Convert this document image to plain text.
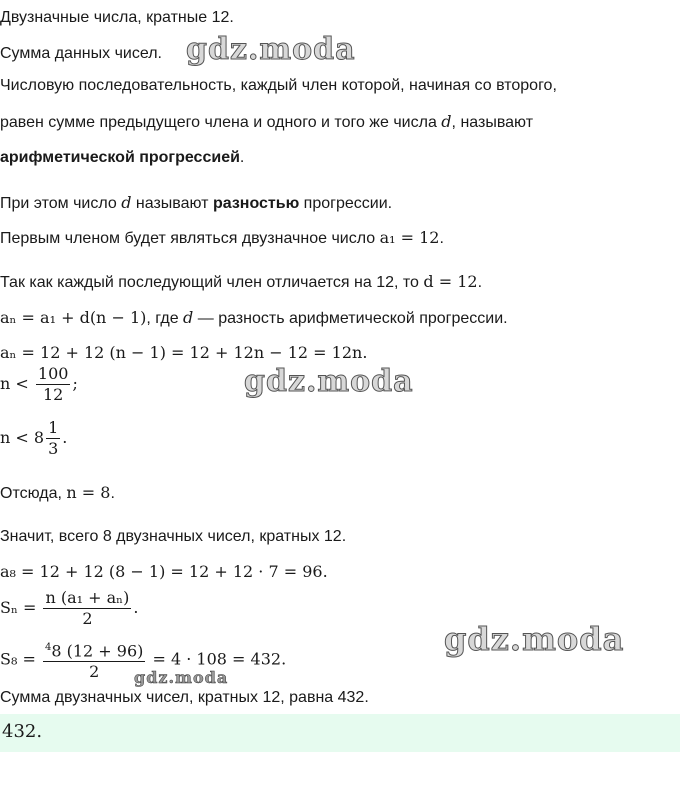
Двузначные числа, кратные 12.
Сумма данных чисел.
Числовую последовательность, каждый член которой, начиная со второго,
равен сумме предыдущего члена и одного и того же числа d, называют
арифметической прогрессией.
При этом число d называют разностью прогрессии.
Первым членом будет являться двузначное число a₁ = 12.
Так как каждый последующий член отличается на 12, то d = 12.
aₙ = a₁ + d(n − 1), где d — разность арифметической прогрессии.
aₙ = 12 + 12 (n − 1) = 12 + 12n − 12 = 12n.
$n < \frac{100}{12}$ ;
$n < 8 \frac{1}{3}$ .
Отсюда, n = 8.
Значит, всего 8 двузначных чисел, кратных 12.
a₈ = 12 + 12 (8 − 1) = 12 + 12 · 7 = 96.
$S_n = \frac{\text{n (a₁ + aₙ)}}{2}$ .
$S_8 = \frac{^48 (12 + 96)}{2} = 4 \cdot 108 = 432$.
Сумма двузначных чисел, кратных 12, равна 432.
432.
gdz.moda
gdz.moda
gdz.moda
gdz.moda
